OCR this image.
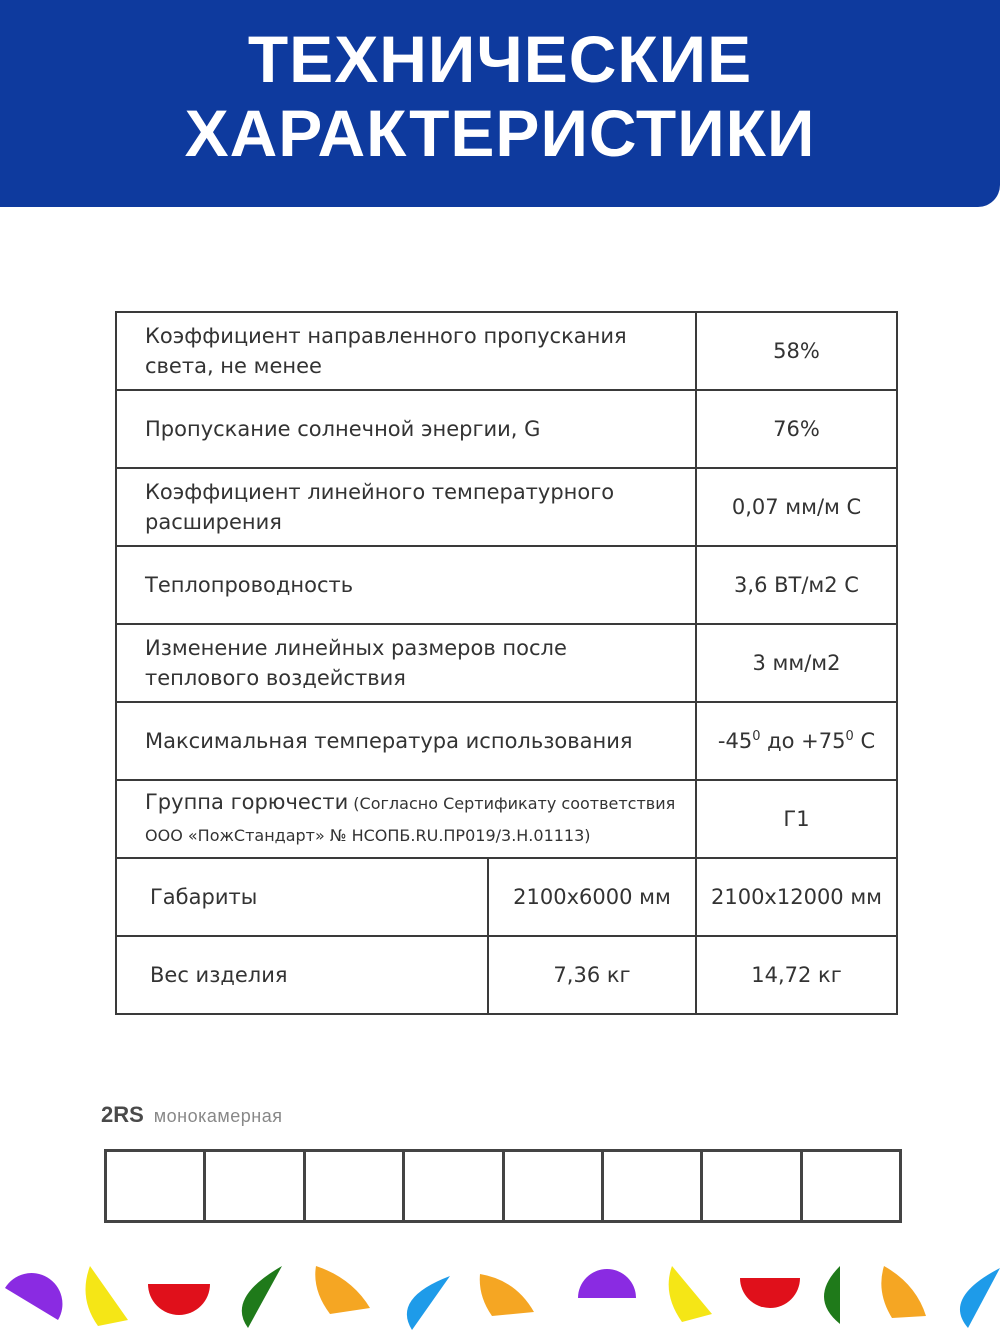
ТЕХНИЧЕСКИЕ
ХАРАКТЕРИСТИКИ
Коэффициент направленного пропускания
света, не менее		58%
Пропускание солнечной энергии, G		76%
Коэффициент линейного температурного
расширения		0,07 мм/м С
Теплопроводность		3,6 ВТ/м2 С
Изменение линейных размеров после
теплового воздействия		3 мм/м2
Максимальная температура использования		$-45^0$ до $+75^0$ С
Группа горючести (Согласно Сертификату соответствия
ООО «ПожСтандарт» № НСОПБ.RU.ПР019/3.Н.01113)		Г1
Габариты	2100х6000 мм	2100х12000 мм
Вес изделия	7,36 кг	14,72 кг
2RS монокамерная
